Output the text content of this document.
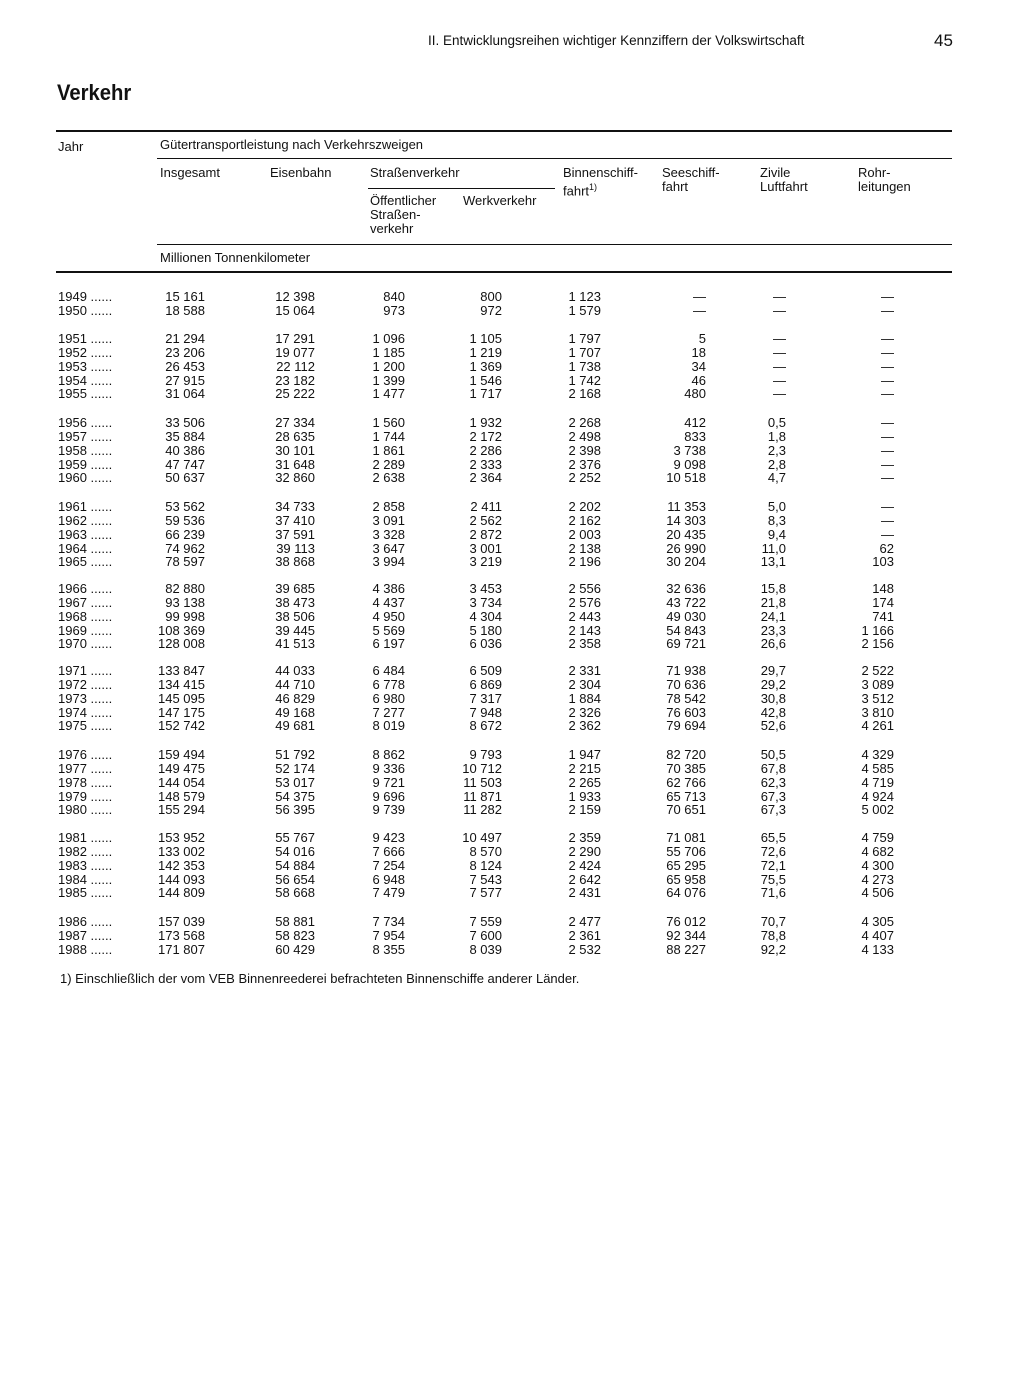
II. Entwicklungsreihen wichtiger Kennziffern der Volkswirtschaft	45
Verkehr
Jahr	Gütertransportleistung nach Verkehrszweigen
Insgesamt	Eisenbahn	Straßenverkehr
Öffentlicher
Straßen-
verkehr
Werkverkehr
Binnenschiff-
fahrt$^{1)}$
Seeschiff-
fahrt
Zivile
Luftfahrt
Rohr-
leitungen
Millionen Tonnenkilometer
1949 ......	15 161	12 398	840	800	1 123	—	—	—
1950 ......	18 588	15 064	973	972	1 579	—	—	—
1951 ......	21 294	17 291	1 096	1 105	1 797	5	—	—
1952 ......	23 206	19 077	1 185	1 219	1 707	18	—	—
1953 ......	26 453	22 112	1 200	1 369	1 738	34	—	—
1954 ......	27 915	23 182	1 399	1 546	1 742	46	—	—
1955 ......	31 064	25 222	1 477	1 717	2 168	480	—	—
1956 ......	33 506	27 334	1 560	1 932	2 268	412	0,5	—
1957 ......	35 884	28 635	1 744	2 172	2 498	833	1,8	—
1958 ......	40 386	30 101	1 861	2 286	2 398	3 738	2,3	—
1959 ......	47 747	31 648	2 289	2 333	2 376	9 098	2,8	—
1960 ......	50 637	32 860	2 638	2 364	2 252	10 518	4,7	—
1961 ......	53 562	34 733	2 858	2 411	2 202	11 353	5,0	—
1962 ......	59 536	37 410	3 091	2 562	2 162	14 303	8,3	—
1963 ......	66 239	37 591	3 328	2 872	2 003	20 435	9,4	—
1964 ......	74 962	39 113	3 647	3 001	2 138	26 990	11,0	62
1965 ......	78 597	38 868	3 994	3 219	2 196	30 204	13,1	103
1966 ......	82 880	39 685	4 386	3 453	2 556	32 636	15,8	148
1967 ......	93 138	38 473	4 437	3 734	2 576	43 722	21,8	174
1968 ......	99 998	38 506	4 950	4 304	2 443	49 030	24,1	741
1969 ......	108 369	39 445	5 569	5 180	2 143	54 843	23,3	1 166
1970 ......	128 008	41 513	6 197	6 036	2 358	69 721	26,6	2 156
1971 ......	133 847	44 033	6 484	6 509	2 331	71 938	29,7	2 522
1972 ......	134 415	44 710	6 778	6 869	2 304	70 636	29,2	3 089
1973 ......	145 095	46 829	6 980	7 317	1 884	78 542	30,8	3 512
1974 ......	147 175	49 168	7 277	7 948	2 326	76 603	42,8	3 810
1975 ......	152 742	49 681	8 019	8 672	2 362	79 694	52,6	4 261
1976 ......	159 494	51 792	8 862	9 793	1 947	82 720	50,5	4 329
1977 ......	149 475	52 174	9 336	10 712	2 215	70 385	67,8	4 585
1978 ......	144 054	53 017	9 721	11 503	2 265	62 766	62,3	4 719
1979 ......	148 579	54 375	9 696	11 871	1 933	65 713	67,3	4 924
1980 ......	155 294	56 395	9 739	11 282	2 159	70 651	67,3	5 002
1981 ......	153 952	55 767	9 423	10 497	2 359	71 081	65,5	4 759
1982 ......	133 002	54 016	7 666	8 570	2 290	55 706	72,6	4 682
1983 ......	142 353	54 884	7 254	8 124	2 424	65 295	72,1	4 300
1984 ......	144 093	56 654	6 948	7 543	2 642	65 958	75,5	4 273
1985 ......	144 809	58 668	7 479	7 577	2 431	64 076	71,6	4 506
1986 ......	157 039	58 881	7 734	7 559	2 477	76 012	70,7	4 305
1987 ......	173 568	58 823	7 954	7 600	2 361	92 344	78,8	4 407
1988 ......	171 807	60 429	8 355	8 039	2 532	88 227	92,2	4 133
1) Einschließlich der vom VEB Binnenreederei befrachteten Binnenschiffe anderer Länder.
